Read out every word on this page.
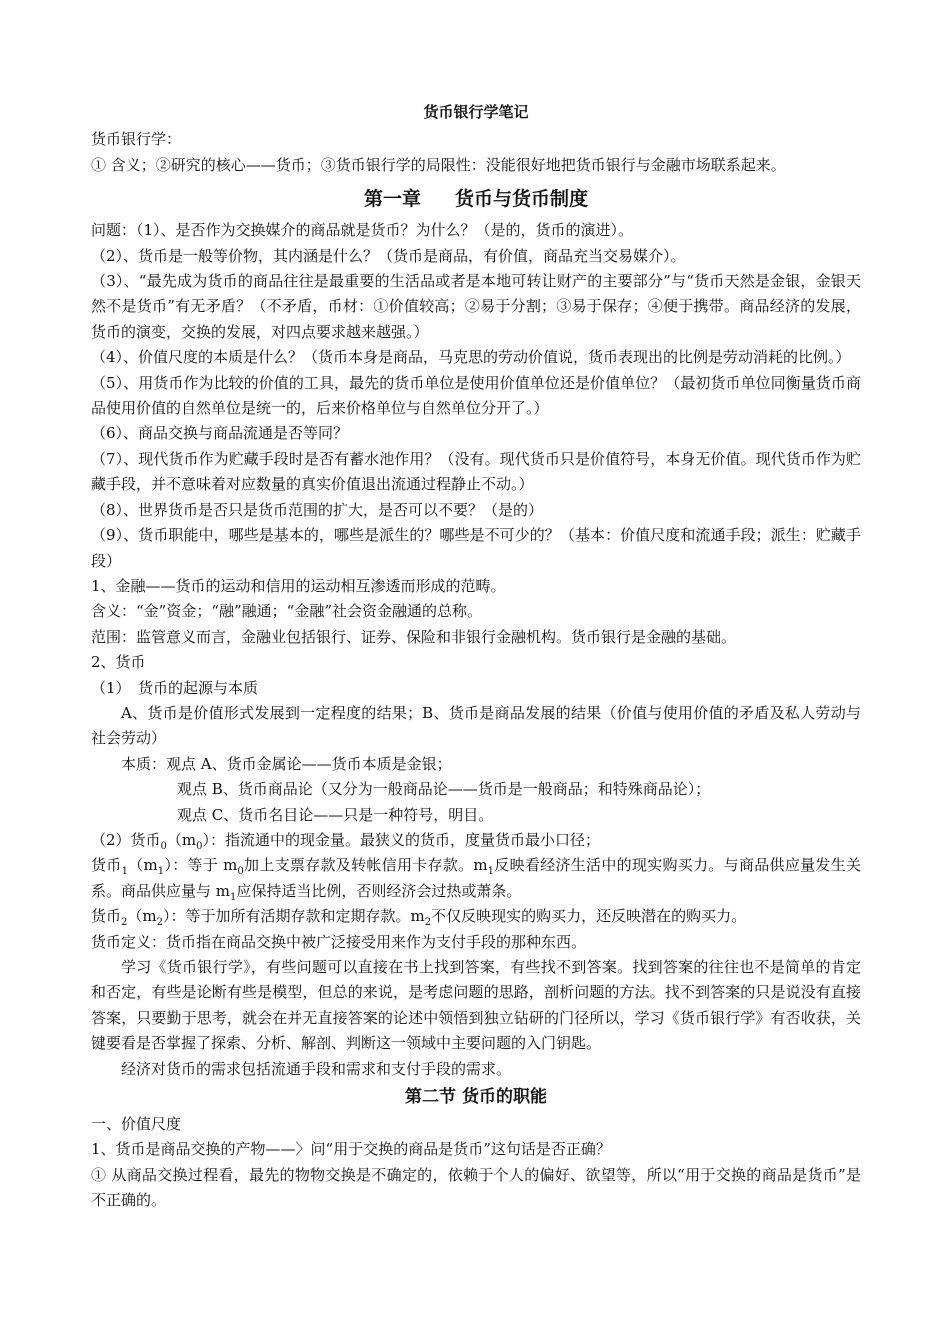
货币银行学笔记

货币银行学：

① 含义；②研究的核心——货币；③货币银行学的局限性：没能很好地把货币银行与金融市场联系起来。

第一章 货币与货币制度

问题：（1）、是否作为交换媒介的商品就是货币？为什么？（是的，货币的演进）。

（2）、货币是一般等价物，其内涵是什么？（货币是商品，有价值，商品充当交易媒介）。

（3）、“最先成为货币的商品往往是最重要的生活品或者是本地可转让财产的主要部分”与“货币天然是金银，金银天然不是货币”有无矛盾？（不矛盾，币材：①价值较高；②易于分割；③易于保存；④便于携带。商品经济的发展，货币的演变，交换的发展，对四点要求越来越强。）

（4）、价值尺度的本质是什么？（货币本身是商品，马克思的劳动价值说，货币表现出的比例是劳动消耗的比例。）

（5）、用货币作为比较的价值的工具，最先的货币单位是使用价值单位还是价值单位？（最初货币单位同衡量货币商品使用价值的自然单位是统一的，后来价格单位与自然单位分开了。）

（6）、商品交换与商品流通是否等同？

（7）、现代货币作为贮藏手段时是否有蓄水池作用？（没有。现代货币只是价值符号，本身无价值。现代货币作为贮藏手段，并不意味着对应数量的真实价值退出流通过程静止不动。）

（8）、世界货币是否只是货币范围的扩大，是否可以不要？（是的）

（9）、货币职能中，哪些是基本的，哪些是派生的？哪些是不可少的？（基本：价值尺度和流通手段；派生：贮藏手段）

1、金融——货币的运动和信用的运动相互渗透而形成的范畴。

含义：“金”资金；“融”融通；“金融”社会资金融通的总称。

范围：监管意义而言，金融业包括银行、证券、保险和非银行金融机构。货币银行是金融的基础。

2、货币

（1）　货币的起源与本质

A、货币是价值形式发展到一定程度的结果；B、货币是商品发展的结果（价值与使用价值的矛盾及私人劳动与社会劳动）

本质：观点 A、货币金属论——货币本质是金银；

观点 B、货币商品论（又分为一般商品论——货币是一般商品；和特殊商品论）；

观点 C、货币名目论——只是一种符号，明目。

（2）货币$_0(m_0)$：指流通中的现金量。最狭义的货币，度量货币最小口径；

货币$_1(m_1)$：等于 $m_0$加上支票存款及转帐信用卡存款。$m_1$反映看经济生活中的现实购买力。与商品供应量发生关系。商品供应量与 $m_1$应保持适当比例，否则经济会过热或萧条。

货币$_2(m_2)$：等于加所有活期存款和定期存款。$m_2$不仅反映现实的购买力，还反映潜在的购买力。

货币定义：货币指在商品交换中被广泛接受用来作为支付手段的那种东西。

学习《货币银行学》，有些问题可以直接在书上找到答案，有些找不到答案。找到答案的往往也不是简单的肯定和否定，有些是论断有些是模型，但总的来说，是考虑问题的思路，剖析问题的方法。找不到答案的只是说没有直接答案，只要勤于思考，就会在并无直接答案的论述中领悟到独立钻研的门径所以，学习《货币银行学》有否收获，关键要看是否掌握了探索、分析、解剖、判断这一领域中主要问题的入门钥匙。

经济对货币的需求包括流通手段和需求和支付手段的需求。

第二节 货币的职能

一、价值尺度

1、货币是商品交换的产物——〉问“用于交换的商品是货币”这句话是否正确？

① 从商品交换过程看，最先的物物交换是不确定的，依赖于个人的偏好、欲望等，所以“用于交换的商品是货币”是不正确的。
